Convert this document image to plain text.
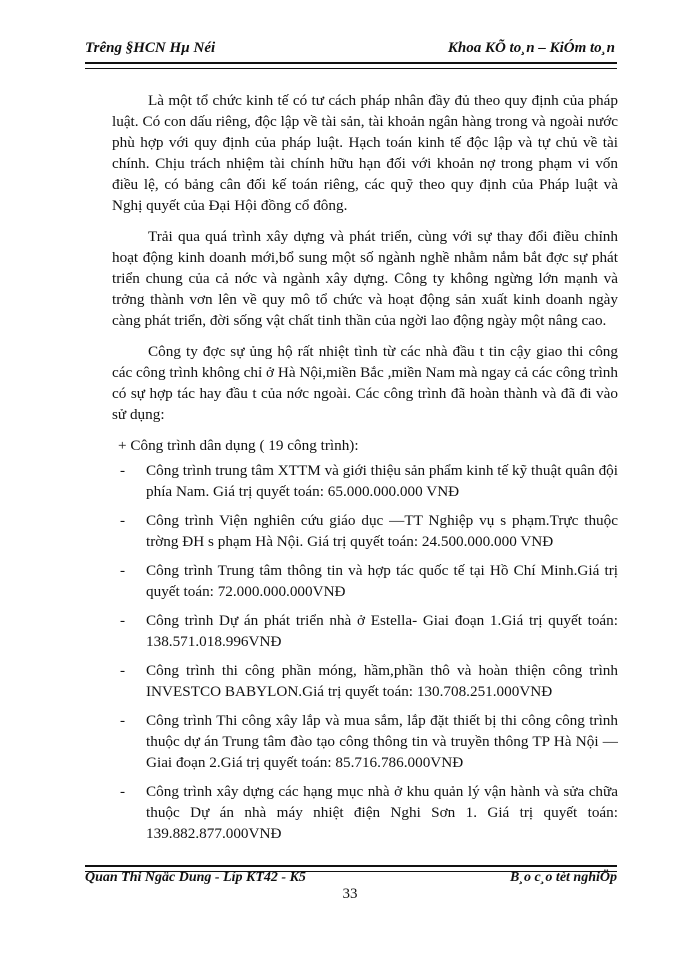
Trêng §HCN Hµ Néi	Khoa KÕ to¸n – KiÓm to¸n

Là một tổ chức kinh tế có tư cách pháp nhân đầy đủ theo quy định của pháp luật. Có con dấu riêng, độc lập về tài sản, tài khoản ngân hàng trong và ngoài nước phù hợp với quy định của pháp luật. Hạch toán kinh tế độc lập và tự chủ về tài chính. Chịu trách nhiệm tài chính hữu hạn đối với khoản nợ trong phạm vi vốn điều lệ, có bảng cân đối kế toán riêng, các quỹ theo quy định của Pháp luật và Nghị quyết của Đại Hội đồng cổ đông.

Trải qua quá trình xây dựng và phát triển, cùng với sự thay đổi điều chỉnh hoạt động kinh doanh mới,bổ sung một số ngành nghề nhằm nắm bắt đợc sự phát triển chung của cả nớc và ngành xây dựng. Công ty không ngừng lớn mạnh và trởng thành vơn lên về quy mô tổ chức và hoạt động sản xuất kinh doanh ngày càng phát triển, đời sống vật chất tinh thần của ngời lao động ngày một nâng cao.

Công ty đợc sự ủng hộ rất nhiệt tình từ các nhà đầu t tin cậy giao thi công các công trình không chỉ ở Hà Nội,miền Bắc ,miền Nam mà ngay cả các công trình có sự hợp tác hay đầu t của nớc ngoài. Các công trình đã hoàn thành và đã đi vào sử dụng:

+ Công trình dân dụng ( 19 công trình):
- Công trình trung tâm XTTM và giới thiệu sản phẩm kinh tế kỹ thuật quân đội phía Nam. Giá trị quyết toán: 65.000.000.000 VNĐ
- Công trình Viện nghiên cứu giáo dục —TT Nghiệp vụ s phạm.Trực thuộc trờng ĐH s phạm Hà Nội. Giá trị quyết toán: 24.500.000.000 VNĐ
- Công trình Trung tâm thông tin và hợp tác quốc tế tại Hồ Chí Minh.Giá trị quyết toán: 72.000.000.000VNĐ
- Công trình Dự án phát triển nhà ở Estella- Giai đoạn 1.Giá trị quyết toán: 138.571.018.996VNĐ
- Công trình thi công phần móng, hầm,phần thô và hoàn thiện công trình INVESTCO BABYLON.Giá trị quyết toán: 130.708.251.000VNĐ
- Công trình Thi công xây lắp và mua sắm, lắp đặt thiết bị thi công công trình thuộc dự án Trung tâm đào tạo công thông tin và truyền thông TP Hà Nội — Giai đoạn 2.Giá trị quyết toán: 85.716.786.000VNĐ
- Công trình xây dựng các hạng mục nhà ở khu quản lý vận hành và sửa chữa thuộc Dự án nhà máy nhiệt điện Nghi Sơn 1. Giá trị quyết toán: 139.882.877.000VNĐ
Quan Thi Ngäc Dung - Líp KT42 - K5	B¸o c¸o tèt nghiÖp
33
